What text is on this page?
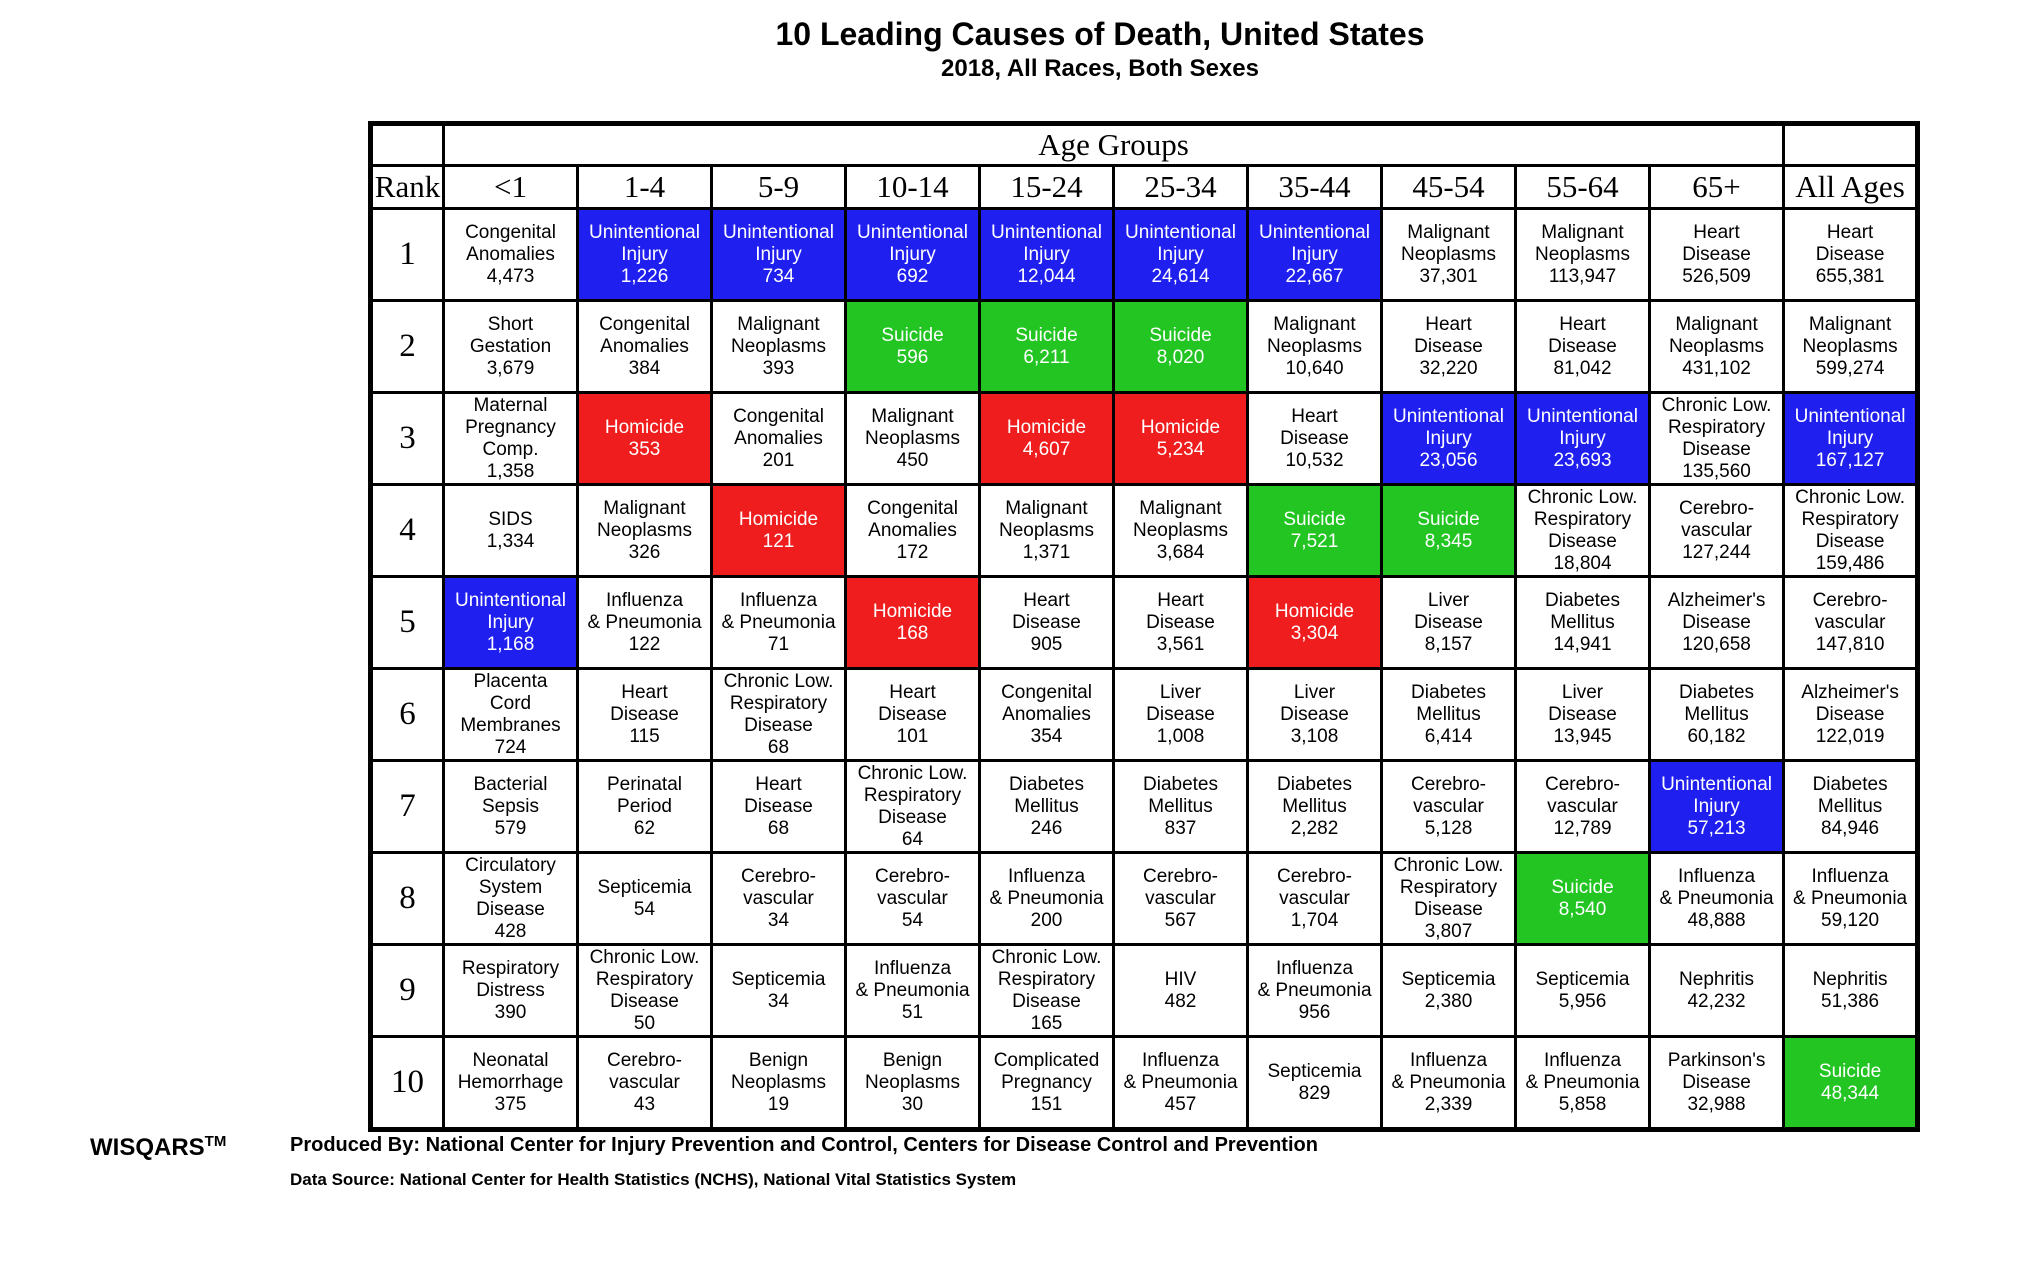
10 Leading Causes of Death, United States
2018, All Races, Both Sexes
	Age Groups										
Rank	<1	1-4	5-9	10-14	15-24	25-34	35-44	45-54	55-64	65+	All Ages
1	Congenital
Anomalies
4,473	Unintentional
Injury
1,226	Unintentional
Injury
734	Unintentional
Injury
692	Unintentional
Injury
12,044	Unintentional
Injury
24,614	Unintentional
Injury
22,667	Malignant
Neoplasms
37,301	Malignant
Neoplasms
113,947	Heart
Disease
526,509	Heart
Disease
655,381

2	Short
Gestation
3,679	Congenital
Anomalies
384	Malignant
Neoplasms
393	Suicide
596	Suicide
6,211	Suicide
8,020	Malignant
Neoplasms
10,640	Heart
Disease
32,220	Heart
Disease
81,042	Malignant
Neoplasms
431,102	Malignant
Neoplasms
599,274

3	Maternal
Pregnancy
Comp.
1,358	Homicide
353	Congenital
Anomalies
201	Malignant
Neoplasms
450	Homicide
4,607	Homicide
5,234	Heart
Disease
10,532	Unintentional
Injury
23,056	Unintentional
Injury
23,693	Chronic Low.
Respiratory
Disease
135,560	Unintentional
Injury
167,127

4	SIDS
1,334	Malignant
Neoplasms
326	Homicide
121	Congenital
Anomalies
172	Malignant
Neoplasms
1,371	Malignant
Neoplasms
3,684	Suicide
7,521	Suicide
8,345	Chronic Low.
Respiratory
Disease
18,804	Cerebro-
vascular
127,244	Chronic Low.
Respiratory
Disease
159,486

5	Unintentional
Injury
1,168	Influenza
& Pneumonia
122	Influenza
& Pneumonia
71	Homicide
168	Heart
Disease
905	Heart
Disease
3,561	Homicide
3,304	Liver
Disease
8,157	Diabetes
Mellitus
14,941	Alzheimer's
Disease
120,658	Cerebro-
vascular
147,810

6	Placenta
Cord
Membranes
724	Heart
Disease
115	Chronic Low.
Respiratory
Disease
68	Heart
Disease
101	Congenital
Anomalies
354	Liver
Disease
1,008	Liver
Disease
3,108	Diabetes
Mellitus
6,414	Liver
Disease
13,945	Diabetes
Mellitus
60,182	Alzheimer's
Disease
122,019

7	Bacterial
Sepsis
579	Perinatal
Period
62	Heart
Disease
68	Chronic Low.
Respiratory
Disease
64	Diabetes
Mellitus
246	Diabetes
Mellitus
837	Diabetes
Mellitus
2,282	Cerebro-
vascular
5,128	Cerebro-
vascular
12,789	Unintentional
Injury
57,213	Diabetes
Mellitus
84,946

8	Circulatory
System
Disease
428	Septicemia
54	Cerebro-
vascular
34	Cerebro-
vascular
54	Influenza
& Pneumonia
200	Cerebro-
vascular
567	Cerebro-
vascular
1,704	Chronic Low.
Respiratory
Disease
3,807	Suicide
8,540	Influenza
& Pneumonia
48,888	Influenza
& Pneumonia
59,120

9	Respiratory
Distress
390	Chronic Low.
Respiratory
Disease
50	Septicemia
34	Influenza
& Pneumonia
51	Chronic Low.
Respiratory
Disease
165	HIV
482	Influenza
& Pneumonia
956	Septicemia
2,380	Septicemia
5,956	Nephritis
42,232	Nephritis
51,386

10	Neonatal
Hemorrhage
375	Cerebro-
vascular
43	Benign
Neoplasms
19	Benign
Neoplasms
30	Complicated
Pregnancy
151	Influenza
& Pneumonia
457	Septicemia
829	Influenza
& Pneumonia
2,339	Influenza
& Pneumonia
5,858	Parkinson's
Disease
32,988	Suicide
48,344
WISQARS™	Produced By: National Center for Injury Prevention and Control, Centers for Disease Control and Prevention
Data Source: National Center for Health Statistics (NCHS), National Vital Statistics System
